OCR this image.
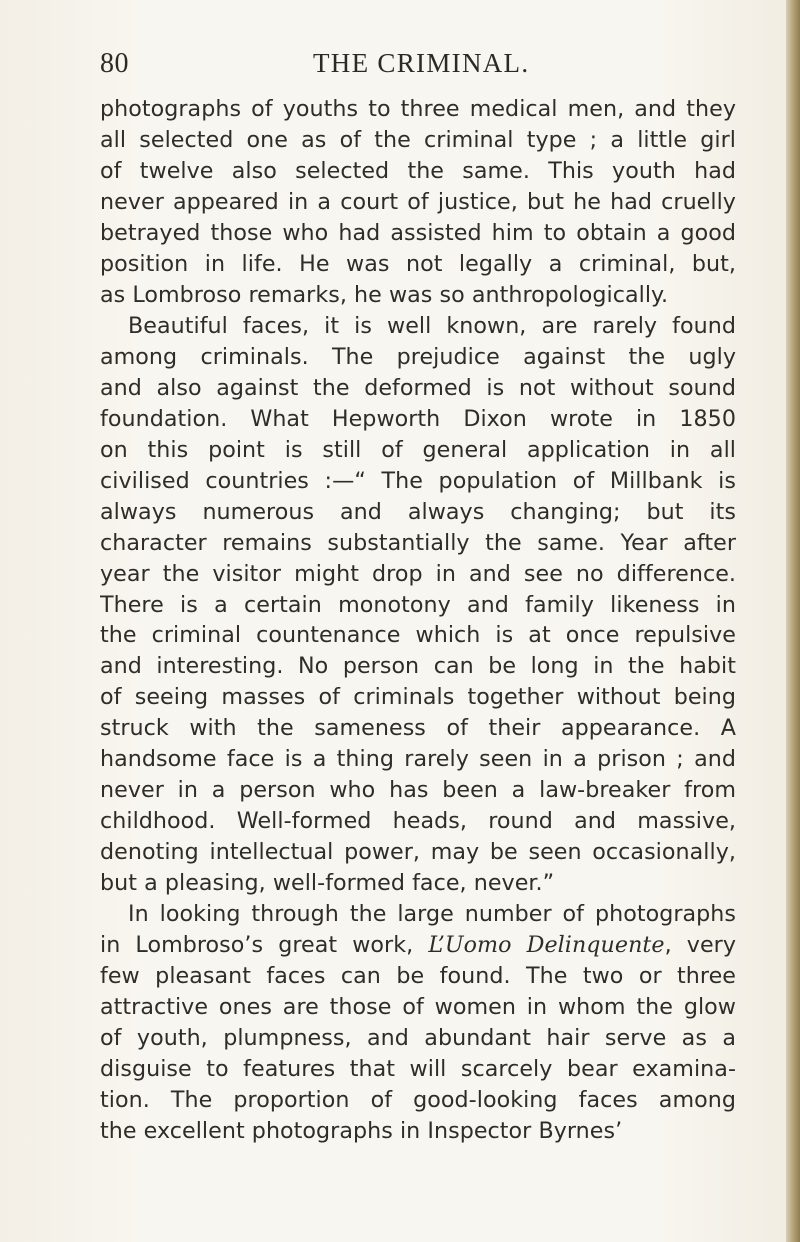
80	THE CRIMINAL.
photographs of youths to three medical men, and they
all selected one as of the criminal type ; a little girl
of twelve also selected the same. This youth had
never appeared in a court of justice, but he had cruelly
betrayed those who had assisted him to obtain a good
position in life. He was not legally a criminal, but,
as Lombroso remarks, he was so anthropologically.
Beautiful faces, it is well known, are rarely found
among criminals. The prejudice against the ugly
and also against the deformed is not without sound
foundation. What Hepworth Dixon wrote in 1850
on this point is still of general application in all
civilised countries :—“ The population of Millbank is
always numerous and always changing; but its
character remains substantially the same. Year after
year the visitor might drop in and see no difference.
There is a certain monotony and family likeness in
the criminal countenance which is at once repulsive
and interesting. No person can be long in the habit
of seeing masses of criminals together without being
struck with the sameness of their appearance. A
handsome face is a thing rarely seen in a prison ; and
never in a person who has been a law-breaker from
childhood. Well-formed heads, round and massive,
denoting intellectual power, may be seen occasionally,
but a pleasing, well-formed face, never.”
In looking through the large number of photographs
in Lombroso’s great work, L’Uomo Delinquente, very
few pleasant faces can be found. The two or three
attractive ones are those of women in whom the glow
of youth, plumpness, and abundant hair serve as a
disguise to features that will scarcely bear examina-
tion. The proportion of good-looking faces among
the excellent photographs in Inspector Byrnes’
